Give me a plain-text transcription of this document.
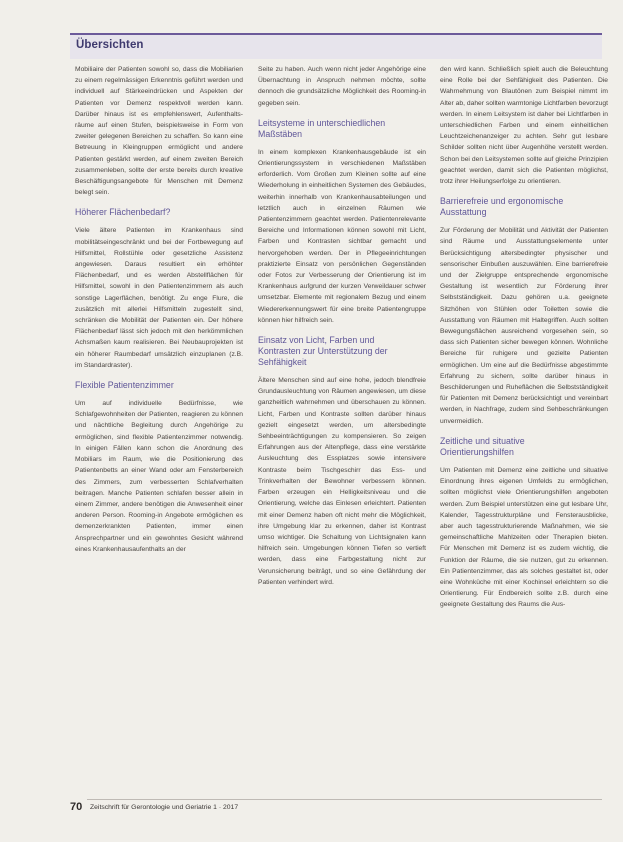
Übersichten

Mobiliaire der Patienten sowohl so, dass die Mobiliarien zu einem regelmässigen Erkenntnis geführt werden und individuell auf Stärkeeindrücken und Aspekten der Patienten vor Demenz respektvoll werden kann. Darüber hinaus ist es empfehlenswert, Aufenthalts-räume auf einen Stufen, beispielsweise in Form von zweiter gelegenen Bereichen zu schaffen. So kann eine Betreuung in Kleingruppen ermöglicht und andere Patienten gestärkt werden, auf einem zweiten Bereich zusammenleben, sollte der erste bereits durch kreative Beschäftigungsangebote für Menschen mit Demenz belegt sein.

Höherer Flächenbedarf?

Viele ältere Patienten im Krankenhaus sind mobilitätseingeschränkt und bei der Fortbewegung auf Hilfsmittel, Rollstühle oder gesetzliche Assistenz angewiesen. Daraus resultiert ein erhöhter Flächenbedarf, und es werden Abstellflächen für Hilfsmittel, sowohl in den Patientenzimmern als auch sonstige Lagerflächen, benötigt. Zu enge Flure, die zusätzlich mit allerlei Hilfsmitteln zugestellt sind, schränken die Mobilität der Patienten ein. Der höhere Flächenbedarf lässt sich jedoch mit den herkömmlichen Achsmaßen kaum realisieren. Bei Neubauprojekten ist ein höherer Raumbedarf umsätzlich einzuplanen (z.B. im Standardraster).

Flexible Patientenzimmer

Um auf individuelle Bedürfnisse, wie Schlafgewohnheiten der Patienten, reagieren zu können und nächtliche Begleitung durch Angehörige zu ermöglichen, sind flexible Patientenzimmer notwendig. In einigen Fällen kann schon die Anordnung des Mobiliars im Raum, wie die Positionierung des Patientenbetts an einer Wand oder am Fensterbereich des Zimmers, zum verbesserten Schlafverhalten beitragen. Manche Patienten schlafen besser allein in einem Zimmer, andere benötigen die Anwesenheit einer anderen Person. Rooming-in Angebote ermöglichen es demenzerkrankten Patienten, immer einen Ansprechpartner und ein gewohntes Gesicht während eines Krankenhausaufenthalts an der

Seite zu haben. Auch wenn nicht jeder Angehörige eine Übernachtung in Anspruch nehmen möchte, sollte dennoch die grundsätzliche Möglichkeit des Rooming-in gegeben sein.

Leitsysteme in unterschiedlichen
Maßstäben

In einem komplexen Krankenhausgebäude ist ein Orientierungssystem in verschiedenen Maßstäben erforderlich. Vom Großen zum Kleinen sollte auf eine Wiederholung in einheitlichen Systemen des Gebäudes, weiterhin innerhalb von Krankenhausabteilungen und letztlich auch in einzelnen Räumen wie Patientenzimmern geachtet werden. Patientenrelevante Bereiche und Informationen können sowohl mit Licht, Farben und Kontrasten sichtbar gemacht und hervorgehoben werden. Der in Pflegeeinrichtungen praktizierte Einsatz von persönlichen Gegenständen oder Fotos zur Verbesserung der Orientierung ist im Krankenhaus aufgrund der kurzen Verweildauer schwer umsetzbar. Elemente mit regionalem Bezug und einem Wiedererkennungswert für eine breite Patientengruppe können hier hilfreich sein.

Einsatz von Licht, Farben und
Kontrasten zur Unterstützung der
Sehfähigkeit

Ältere Menschen sind auf eine hohe, jedoch blendfreie Grundausleuchtung von Räumen angewiesen, um diese ganzheitlich wahrnehmen und überschauen zu können. Licht, Farben und Kontraste sollten darüber hinaus gezielt eingesetzt werden, um altersbedingte Sehbeeinträchtigungen zu kompensieren. So zeigen Erfahrungen aus der Altenpflege, dass eine verstärkte Ausleuchtung des Essplatzes sowie intensivere Kontraste beim Tischgeschirr das Ess- und Trinkverhalten der Bewohner verbessern können. Farben erzeugen ein Helligkeitsniveau und die Orientierung, welche das Einlesen erleichtert. Patienten mit einer Demenz haben oft nicht mehr die Möglichkeit, ihre Umgebung klar zu erkennen, daher ist Kontrast umso wichtiger. Die Schaltung von Lichtsignalen kann hilfreich sein. Umgebungen können Tiefen so vertieft werden, dass eine Farbgestaltung nicht zur Verunsicherung beiträgt, und so eine Gefährdung der Patienten verhindert wird.

den wird kann. Schließlich spielt auch die Beleuchtung eine Rolle bei der Sehfähigkeit des Patienten. Die Wahrnehmung von Blautönen zum Beispiel nimmt im Alter ab, daher sollten warmtonige Lichtfarben bevorzugt werden. In einem Leitsystem ist daher bei Lichtfarben in unterschiedlichen Farben und einem einheitlichen Leuchtzeichenanzeiger zu achten. Sehr gut lesbare Schilder sollten nicht über Augenhöhe verstellt werden. Schon bei den Leitsystemen sollte auf gleiche Prinzipien geachtet werden, damit sich die Patienten möglichst, trotz ihrer Heilungserfolge zu orientieren.

Barrierefreie und ergonomische
Ausstattung

Zur Förderung der Mobilität und Aktivität der Patienten sind Räume und Ausstattungselemente unter Berücksichtigung altersbedingter physischer und sensorischer Einbußen auszuwählen. Eine barrierefreie und der Zielgruppe entsprechende ergonomische Gestaltung ist wesentlich zur Förderung ihrer Selbstständigkeit. Dazu gehören u.a. geeignete Sitzhöhen von Stühlen oder Toiletten sowie die Ausstattung von Räumen mit Haltegriffen. Auch sollten Bewegungsflächen ausreichend vorgesehen sein, so dass sich Patienten sicher bewegen können. Wohnliche Bereiche für ruhigere und gezielte Patienten ermöglichen. Um eine auf die Bedürfnisse abgestimmte Erfahrung zu sichern, sollte darüber hinaus in Beschilderungen und Ruheflächen die Selbstständigkeit für Patienten mit Demenz berücksichtigt und vereinbart werden, in Nachfrage, zudem sind Sehbeschränkungen unvermeidlich.

Zeitliche und situative
Orientierungshilfen

Um Patienten mit Demenz eine zeitliche und situative Einordnung ihres eigenen Umfelds zu ermöglichen, sollten möglichst viele Orientierungshilfen angeboten werden. Zum Beispiel unterstützen eine gut lesbare Uhr, Kalender, Tagesstrukturpläne und Fensterausblicke, aber auch tagesstrukturierende Maßnahmen, wie sie gemeinschaftliche Mahlzeiten oder Therapien bieten. Für Menschen mit Demenz ist es zudem wichtig, die Funktion der Räume, die sie nutzen, gut zu erkennen. Ein Patientenzimmer, das als solches gestaltet ist, oder eine Wohnküche mit einer Kochinsel erleichtern so die Orientierung. Für Endbereich sollte z.B. durch eine geeignete Gestaltung des Raums die Aus-

70 Zeitschrift für Gerontologie und Geriatrie 1 · 2017
